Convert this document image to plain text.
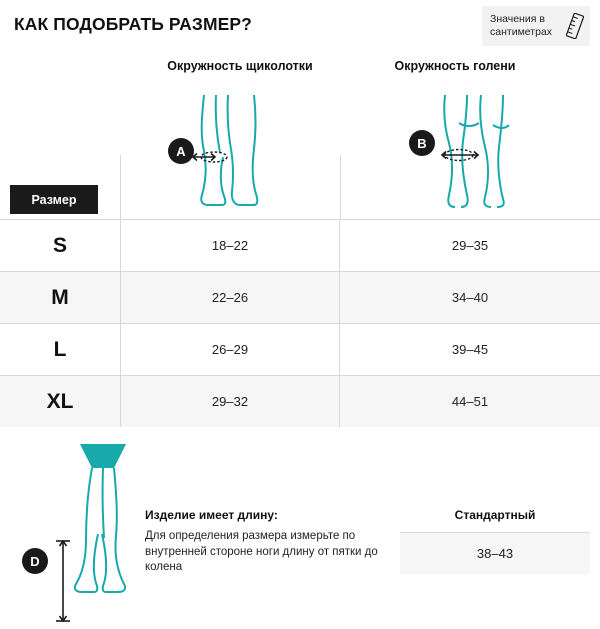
КАК ПОДОБРАТЬ РАЗМЕР?	Значения в сантиметрах
Окружность щиколотки	Окружность голени
A
B
Размер
S	18–22	29–35
M	22–26	34–40
L	26–29	39–45
XL	29–32	44–51
D
Изделие имеет длину:
Для определения размера измерьте по внутренней стороне ноги длину от пятки до колена
Стандартный
38–43
